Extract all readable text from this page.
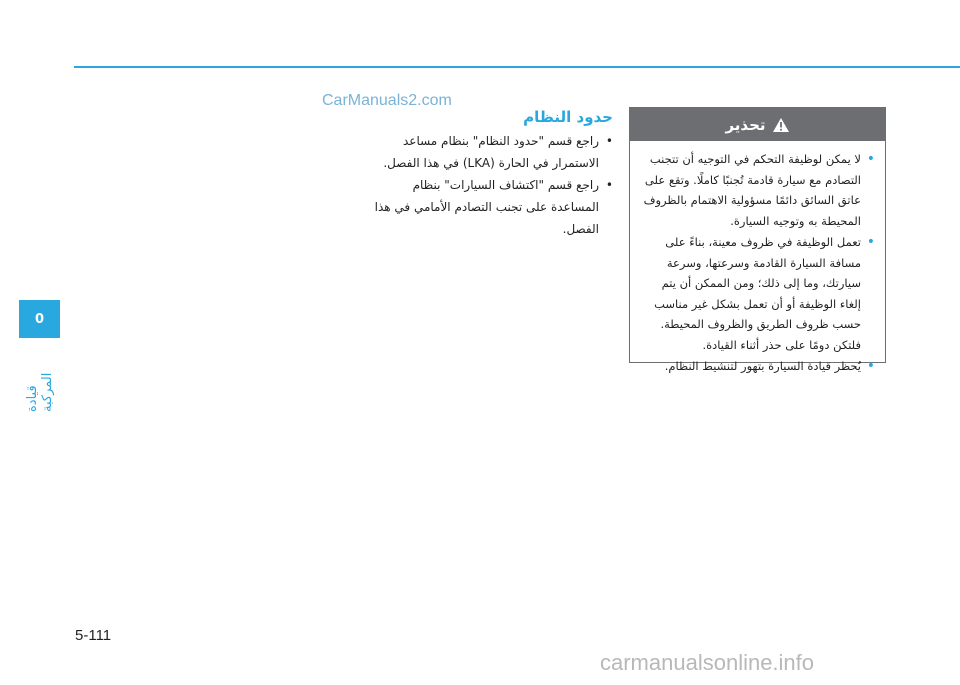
CarManuals2.com
حدود النظام
• راجع قسم "حدود النظام" بنظام مساعد الاستمرار في الحارة (LKA) في هذا الفصل.
• راجع قسم "اكتشاف السيارات" بنظام المساعدة على تجنب التصادم الأمامي في هذا الفصل.
تحذير
• لا يمكن لوظيفة التحكم في التوجيه أن تتجنب التصادم مع سيارة قادمة تُجنبًا كاملًا. وتقع على عاتق السائق دائمًا مسؤولية الاهتمام بالظروف المحيطة به وتوجيه السيارة.
• تعمل الوظيفة في ظروف معينة، بناءً على مسافة السيارة القادمة وسرعتها، وسرعة سيارتك، وما إلى ذلك؛ ومن الممكن أن يتم إلغاء الوظيفة أو أن تعمل بشكل غير مناسب حسب ظروف الطريق والظروف المحيطة. فلتكن دومًا على حذر أثناء القيادة.
• يُحظر قيادة السيارة بتهور لتنشيط النظام.
0
قيادة المركبة
5-111
carmanualsonline.info
